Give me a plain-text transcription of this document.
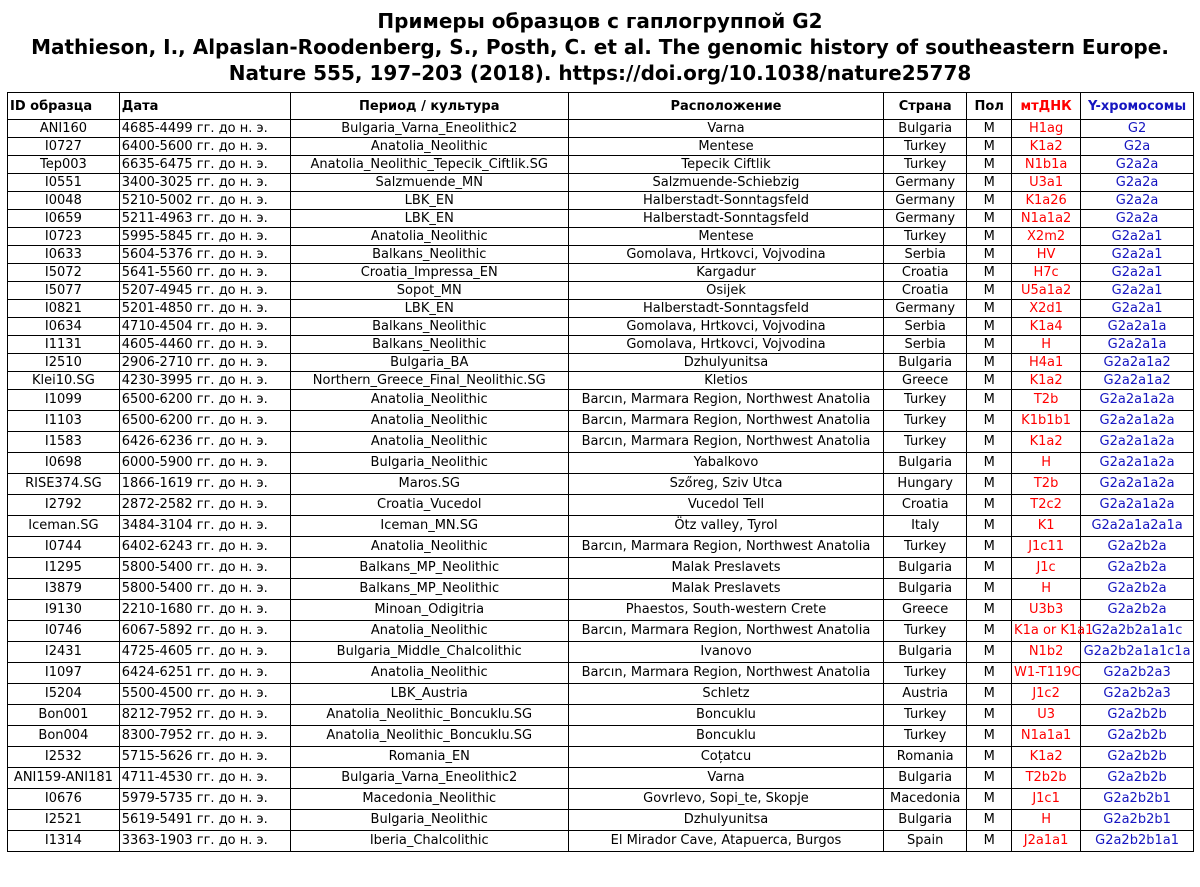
Примеры образцов с гаплогруппой G2
Mathieson, I., Alpaslan-Roodenberg, S., Posth, C. et al. The genomic history of southeastern Europe.
Nature 555, 197–203 (2018). https://doi.org/10.1038/nature25778
ID образца	Дата	Период / культура	Расположение	Страна	Пол	мтДНК	Y-хромосомы
ANI160	4685-4499 гг. до н. э.	Bulgaria_Varna_Eneolithic2	Varna	Bulgaria	M	H1ag	G2
I0727	6400-5600 гг. до н. э.	Anatolia_Neolithic	Mentese	Turkey	M	K1a2	G2a
Tep003	6635-6475 гг. до н. э.	Anatolia_Neolithic_Tepecik_Ciftlik.SG	Tepecik Ciftlik	Turkey	M	N1b1a	G2a2a
I0551	3400-3025 гг. до н. э.	Salzmuende_MN	Salzmuende-Schiebzig	Germany	M	U3a1	G2a2a
I0048	5210-5002 гг. до н. э.	LBK_EN	Halberstadt-Sonntagsfeld	Germany	M	K1a26	G2a2a
I0659	5211-4963 гг. до н. э.	LBK_EN	Halberstadt-Sonntagsfeld	Germany	M	N1a1a2	G2a2a
I0723	5995-5845 гг. до н. э.	Anatolia_Neolithic	Mentese	Turkey	M	X2m2	G2a2a1
I0633	5604-5376 гг. до н. э.	Balkans_Neolithic	Gomolava, Hrtkovci, Vojvodina	Serbia	M	HV	G2a2a1
I5072	5641-5560 гг. до н. э.	Croatia_Impressa_EN	Kargadur	Croatia	M	H7c	G2a2a1
I5077	5207-4945 гг. до н. э.	Sopot_MN	Osijek	Croatia	M	U5a1a2	G2a2a1
I0821	5201-4850 гг. до н. э.	LBK_EN	Halberstadt-Sonntagsfeld	Germany	M	X2d1	G2a2a1
I0634	4710-4504 гг. до н. э.	Balkans_Neolithic	Gomolava, Hrtkovci, Vojvodina	Serbia	M	K1a4	G2a2a1a
I1131	4605-4460 гг. до н. э.	Balkans_Neolithic	Gomolava, Hrtkovci, Vojvodina	Serbia	M	H	G2a2a1a
I2510	2906-2710 гг. до н. э.	Bulgaria_BA	Dzhulyunitsa	Bulgaria	M	H4a1	G2a2a1a2
Klei10.SG	4230-3995 гг. до н. э.	Northern_Greece_Final_Neolithic.SG	Kletios	Greece	M	K1a2	G2a2a1a2
I1099	6500-6200 гг. до н. э.	Anatolia_Neolithic	Barcın, Marmara Region, Northwest Anatolia	Turkey	M	T2b	G2a2a1a2a
I1103	6500-6200 гг. до н. э.	Anatolia_Neolithic	Barcın, Marmara Region, Northwest Anatolia	Turkey	M	K1b1b1	G2a2a1a2a
I1583	6426-6236 гг. до н. э.	Anatolia_Neolithic	Barcın, Marmara Region, Northwest Anatolia	Turkey	M	K1a2	G2a2a1a2a
I0698	6000-5900 гг. до н. э.	Bulgaria_Neolithic	Yabalkovo	Bulgaria	M	H	G2a2a1a2a
RISE374.SG	1866-1619 гг. до н. э.	Maros.SG	Szőreg, Sziv Utca	Hungary	M	T2b	G2a2a1a2a
I2792	2872-2582 гг. до н. э.	Croatia_Vucedol	Vucedol Tell	Croatia	M	T2c2	G2a2a1a2a
Iceman.SG	3484-3104 гг. до н. э.	Iceman_MN.SG	Ötz valley, Tyrol	Italy	M	K1	G2a2a1a2a1a
I0744	6402-6243 гг. до н. э.	Anatolia_Neolithic	Barcın, Marmara Region, Northwest Anatolia	Turkey	M	J1c11	G2a2b2a
I1295	5800-5400 гг. до н. э.	Balkans_MP_Neolithic	Malak Preslavets	Bulgaria	M	J1c	G2a2b2a
I3879	5800-5400 гг. до н. э.	Balkans_MP_Neolithic	Malak Preslavets	Bulgaria	M	H	G2a2b2a
I9130	2210-1680 гг. до н. э.	Minoan_Odigitria	Phaestos, South-western Crete	Greece	M	U3b3	G2a2b2a
I0746	6067-5892 гг. до н. э.	Anatolia_Neolithic	Barcın, Marmara Region, Northwest Anatolia	Turkey	M	K1a or K1a1	G2a2b2a1a1c
I2431	4725-4605 гг. до н. э.	Bulgaria_Middle_Chalcolithic	Ivanovo	Bulgaria	M	N1b2	G2a2b2a1a1c1a
I1097	6424-6251 гг. до н. э.	Anatolia_Neolithic	Barcın, Marmara Region, Northwest Anatolia	Turkey	M	W1-T119C	G2a2b2a3
I5204	5500-4500 гг. до н. э.	LBK_Austria	Schletz	Austria	M	J1c2	G2a2b2a3
Bon001	8212-7952 гг. до н. э.	Anatolia_Neolithic_Boncuklu.SG	Boncuklu	Turkey	M	U3	G2a2b2b
Bon004	8300-7952 гг. до н. э.	Anatolia_Neolithic_Boncuklu.SG	Boncuklu	Turkey	M	N1a1a1	G2a2b2b
I2532	5715-5626 гг. до н. э.	Romania_EN	Coțatcu	Romania	M	K1a2	G2a2b2b
ANI159-ANI181	4711-4530 гг. до н. э.	Bulgaria_Varna_Eneolithic2	Varna	Bulgaria	M	T2b2b	G2a2b2b
I0676	5979-5735 гг. до н. э.	Macedonia_Neolithic	Govrlevo, Sopi_te, Skopje	Macedonia	M	J1c1	G2a2b2b1
I2521	5619-5491 гг. до н. э.	Bulgaria_Neolithic	Dzhulyunitsa	Bulgaria	M	H	G2a2b2b1
I1314	3363-1903 гг. до н. э.	Iberia_Chalcolithic	El Mirador Cave, Atapuerca, Burgos	Spain	M	J2a1a1	G2a2b2b1a1
